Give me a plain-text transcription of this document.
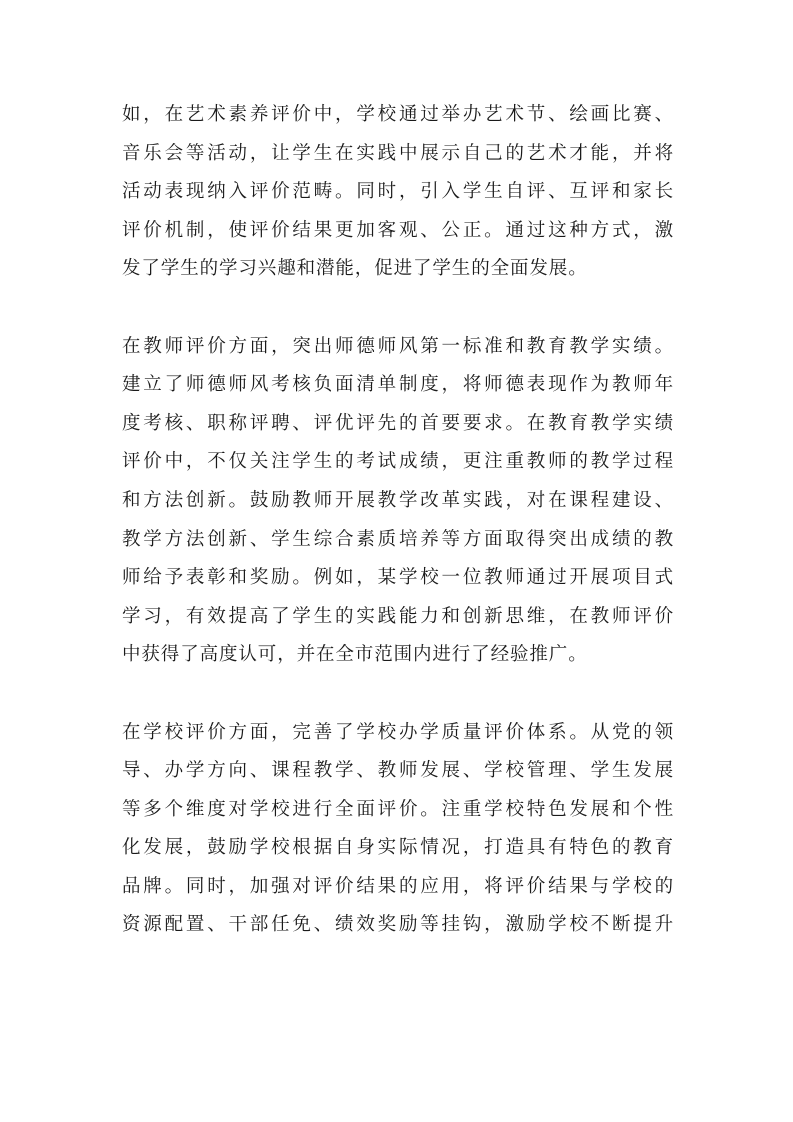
如，在艺术素养评价中，学校通过举办艺术节、绘画比赛、
音乐会等活动，让学生在实践中展示自己的艺术才能，并将
活动表现纳入评价范畴。同时，引入学生自评、互评和家长
评价机制，使评价结果更加客观、公正。通过这种方式，激
发了学生的学习兴趣和潜能，促进了学生的全面发展。

在教师评价方面，突出师德师风第一标准和教育教学实绩。
建立了师德师风考核负面清单制度，将师德表现作为教师年
度考核、职称评聘、评优评先的首要要求。在教育教学实绩
评价中，不仅关注学生的考试成绩，更注重教师的教学过程
和方法创新。鼓励教师开展教学改革实践，对在课程建设、
教学方法创新、学生综合素质培养等方面取得突出成绩的教
师给予表彰和奖励。例如，某学校一位教师通过开展项目式
学习，有效提高了学生的实践能力和创新思维，在教师评价
中获得了高度认可，并在全市范围内进行了经验推广。

在学校评价方面，完善了学校办学质量评价体系。从党的领
导、办学方向、课程教学、教师发展、学校管理、学生发展
等多个维度对学校进行全面评价。注重学校特色发展和个性
化发展，鼓励学校根据自身实际情况，打造具有特色的教育
品牌。同时，加强对评价结果的应用，将评价结果与学校的
资源配置、干部任免、绩效奖励等挂钩，激励学校不断提升
